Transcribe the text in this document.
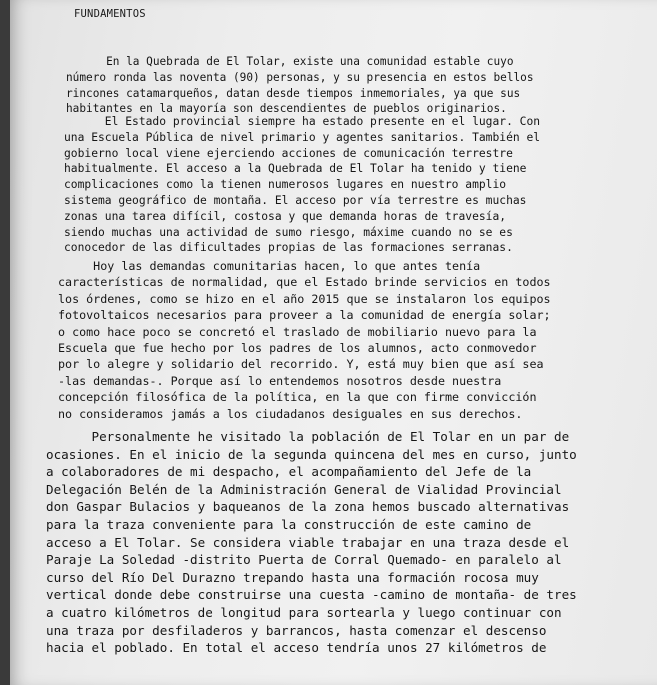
FUNDAMENTOS
En la Quebrada de El Tolar, existe una comunidad estable cuyo
número ronda las noventa (90) personas, y su presencia en estos bellos
rincones catamarqueños, datan desde tiempos inmemoriales, ya que sus
habitantes en la mayoría son descendientes de pueblos originarios.
El Estado provincial siempre ha estado presente en el lugar. Con
una Escuela Pública de nivel primario y agentes sanitarios. También el
gobierno local viene ejerciendo acciones de comunicación terrestre
habitualmente. El acceso a la Quebrada de El Tolar ha tenido y tiene
complicaciones como la tienen numerosos lugares en nuestro amplio
sistema geográfico de montaña. El acceso por vía terrestre es muchas
zonas una tarea difícil, costosa y que demanda horas de travesía,
siendo muchas una actividad de sumo riesgo, máxime cuando no se es
conocedor de las dificultades propias de las formaciones serranas.
Hoy las demandas comunitarias hacen, lo que antes tenía
características de normalidad, que el Estado brinde servicios en todos
los órdenes, como se hizo en el año 2015 que se instalaron los equipos
fotovoltaicos necesarios para proveer a la comunidad de energía solar;
o como hace poco se concretó el traslado de mobiliario nuevo para la
Escuela que fue hecho por los padres de los alumnos, acto conmovedor
por lo alegre y solidario del recorrido. Y, está muy bien que así sea
-las demandas-. Porque así lo entendemos nosotros desde nuestra
concepción filosófica de la política, en la que con firme convicción
no consideramos jamás a los ciudadanos desiguales en sus derechos.
Personalmente he visitado la población de El Tolar en un par de
ocasiones. En el inicio de la segunda quincena del mes en curso, junto
a colaboradores de mi despacho, el acompañamiento del Jefe de la
Delegación Belén de la Administración General de Vialidad Provincial
don Gaspar Bulacios y baqueanos de la zona hemos buscado alternativas
para la traza conveniente para la construcción de este camino de
acceso a El Tolar. Se considera viable trabajar en una traza desde el
Paraje La Soledad -distrito Puerta de Corral Quemado- en paralelo al
curso del Río Del Durazno trepando hasta una formación rocosa muy
vertical donde debe construirse una cuesta -camino de montaña- de tres
a cuatro kilómetros de longitud para sortearla y luego continuar con
una traza por desfiladeros y barrancos, hasta comenzar el descenso
hacia el poblado. En total el acceso tendría unos 27 kilómetros de
